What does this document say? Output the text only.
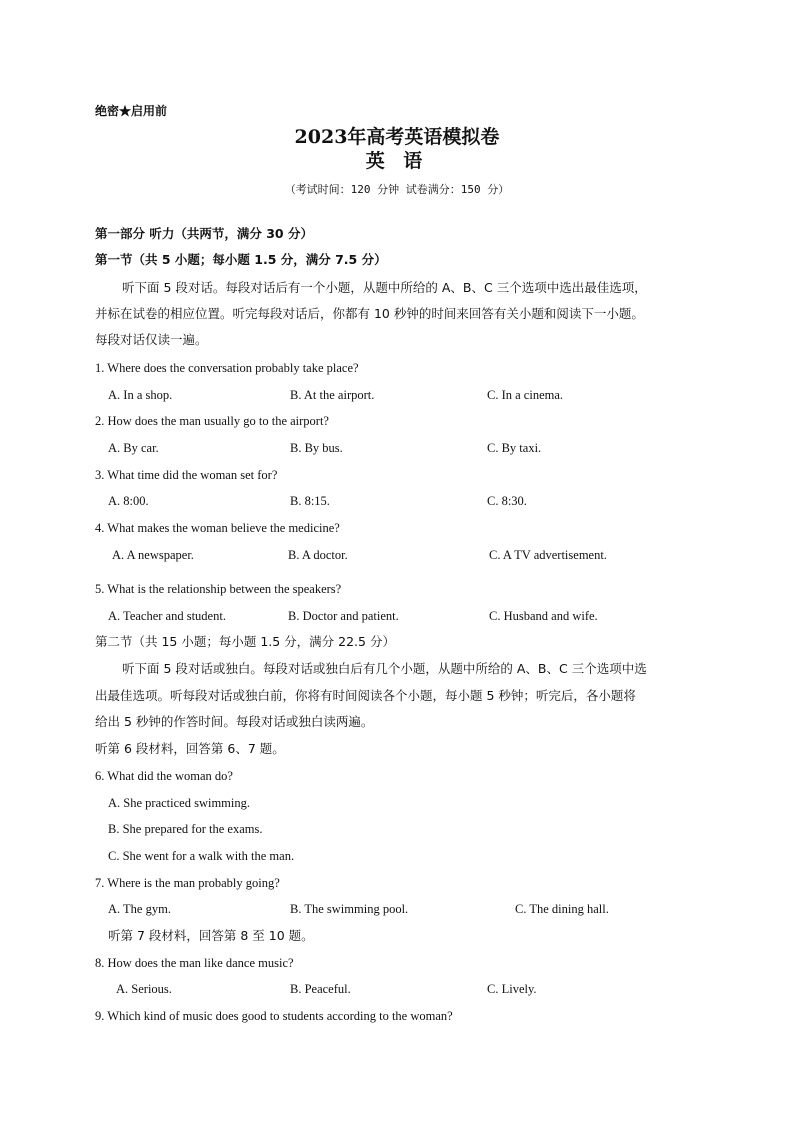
绝密★启用前
2023年高考英语模拟卷
英 语
（考试时间：120 分钟 试卷满分：150 分）
第一部分 听力（共两节，满分 30 分）
第一节（共 5 小题；每小题 1.5 分，满分 7.5 分）
听下面 5 段对话。每段对话后有一个小题，从题中所给的 A、B、C 三个选项中选出最佳选项，
并标在试卷的相应位置。听完每段对话后，你都有 10 秒钟的时间来回答有关小题和阅读下一小题。
每段对话仅读一遍。
1. Where does the conversation probably take place?
A. In a shop.	B. At the airport.	C. In a cinema.
2. How does the man usually go to the airport?
A. By car.	B. By bus.	C. By taxi.
3. What time did the woman set for?
A. 8:00.	B. 8:15.	C. 8:30.
4. What makes the woman believe the medicine?
A. A newspaper.	B. A doctor.	C. A TV advertisement.
5. What is the relationship between the speakers?
A. Teacher and student.	B. Doctor and patient.	C. Husband and wife.
第二节（共 15 小题；每小题 1.5 分，满分 22.5 分）
听下面 5 段对话或独白。每段对话或独白后有几个小题，从题中所给的 A、B、C 三个选项中选
出最佳选项。听每段对话或独白前，你将有时间阅读各个小题，每小题 5 秒钟；听完后，各小题将
给出 5 秒钟的作答时间。每段对话或独白读两遍。
听第 6 段材料，回答第 6、7 题。
6. What did the woman do?
A. She practiced swimming.
B. She prepared for the exams.
C. She went for a walk with the man.
7. Where is the man probably going?
A. The gym.	B. The swimming pool.	C. The dining hall.
听第 7 段材料，回答第 8 至 10 题。
8. How does the man like dance music?
A. Serious.	B. Peaceful.	C. Lively.
9. Which kind of music does good to students according to the woman?
